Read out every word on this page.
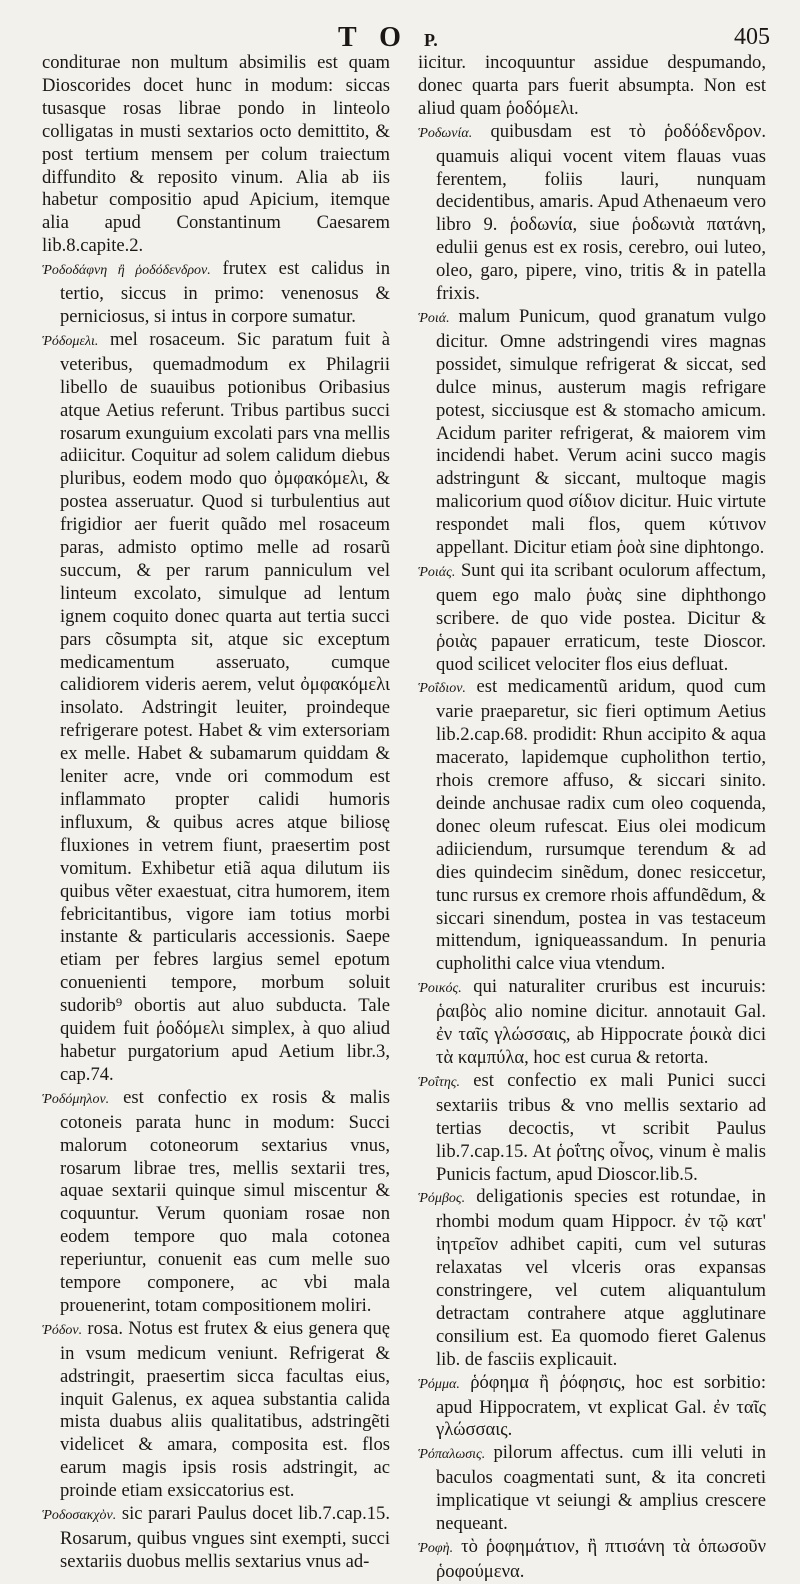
T O P.	405

conditurae non multum absimilis est quam Dioscorides docet hunc in modum: siccas tusasque rosas librae pondo in linteolo colligatas in musti sextarios octo demittito, & post tertium mensem per colum traiectum diffundito & reposito vinum. Alia ab iis habetur compositio apud Apicium, itemque alia apud Constantinum Caesarem lib.8.capite.2.

Ῥοδοδάφνη ἢ ῥοδόδενδρον. frutex est calidus in tertio, siccus in primo: venenosus & perniciosus, si intus in corpore sumatur.

Ῥόδομελι. mel rosaceum. Sic paratum fuit à veteribus, quemadmodum ex Philagrii libello de suauibus potionibus Oribasius atque Aetius referunt. Tribus partibus succi rosarum exunguium excolati pars vna mellis adiicitur. Coquitur ad solem calidum diebus pluribus, eodem modo quo ὀμφακόμελι, & postea asseruatur. Quod si turbulentius aut frigidior aer fuerit quãdo mel rosaceum paras, admisto optimo melle ad rosarũ succum, & per rarum panniculum vel linteum excolato, simulque ad lentum ignem coquito donec quarta aut tertia succi pars cõsumpta sit, atque sic exceptum medicamentum asseruato, cumque calidiorem videris aerem, velut ὀμφακόμελι insolato. Adstringit leuiter, proindeque refrigerare potest. Habet & vim extersoriam ex melle. Habet & subamarum quiddam & leniter acre, vnde ori commodum est inflammato propter calidi humoris influxum, & quibus acres atque biliosę fluxiones in vetrem fiunt, praesertim post vomitum. Exhibetur etiã aqua dilutum iis quibus vẽter exaestuat, citra humorem, item febricitantibus, vigore iam totius morbi instante & particularis accessionis. Saepe etiam per febres largius semel epotum conuenienti tempore, morbum soluit sudorib⁹ obortis aut aluo subducta. Tale quidem fuit ῥοδόμελι simplex, à quo aliud habetur purgatorium apud Aetium libr.3, cap.74.

Ῥοδόμηλον. est confectio ex rosis & malis cotoneis parata hunc in modum: Succi malorum cotoneorum sextarius vnus, rosarum librae tres, mellis sextarii tres, aquae sextarii quinque simul miscentur & coquuntur. Verum quoniam rosae non eodem tempore quo mala cotonea reperiuntur, conuenit eas cum melle suo tempore componere, ac vbi mala prouenerint, totam compositionem moliri.

Ῥόδον. rosa. Notus est frutex & eius genera quę in vsum medicum veniunt. Refrigerat & adstringit, praesertim sicca facultas eius, inquit Galenus, ex aquea substantia calida mista duabus aliis qualitatibus, adstringẽti videlicet & amara, composita est. flos earum magis ipsis rosis adstringit, ac proinde etiam exsiccatorius est.

Ῥοδοσακχὸν. sic parari Paulus docet lib.7.cap.15. Rosarum, quibus vngues sint exempti, succi sextariis duobus mellis sextarius vnus ad-

iicitur. incoquuntur assidue despumando, donec quarta pars fuerit absumpta. Non est aliud quam ῥοδόμελι.

Ῥοδωνία. quibusdam est τὸ ῥοδόδενδρον. quamuis aliqui vocent vitem flauas vuas ferentem, foliis lauri, nunquam decidentibus, amaris. Apud Athenaeum vero libro 9. ῥοδωνία, siue ῥοδωνιὰ πατάνη, edulii genus est ex rosis, cerebro, oui luteo, oleo, garo, pipere, vino, tritis & in patella frixis.

Ῥοιά. malum Punicum, quod granatum vulgo dicitur. Omne adstringendi vires magnas possidet, simulque refrigerat & siccat, sed dulce minus, austerum magis refrigare potest, sicciusque est & stomacho amicum. Acidum pariter refrigerat, & maiorem vim incidendi habet. Verum acini succo magis adstringunt & siccant, multoque magis malicorium quod σίδιον dicitur. Huic virtute respondet mali flos, quem κύτινον appellant. Dicitur etiam ῥοὰ sine diphtongo.

Ῥοιάς. Sunt qui ita scribant oculorum affectum, quem ego malo ῥυὰς sine diphthongo scribere. de quo vide postea. Dicitur & ῥοιὰς papauer erraticum, teste Dioscor. quod scilicet velociter flos eius defluat.

Ῥοΐδιον. est medicamentũ aridum, quod cum varie praeparetur, sic fieri optimum Aetius lib.2.cap.68. prodidit: Rhun accipito & aqua macerato, lapidemque cupholithon tertio, rhois cremore affuso, & siccari sinito. deinde anchusae radix cum oleo coquenda, donec oleum rufescat. Eius olei modicum adiiciendum, rursumque terendum & ad dies quindecim sinẽdum, donec resiccetur, tunc rursus ex cremore rhois affundẽdum, & siccari sinendum, postea in vas testaceum mittendum, igniqueassandum. In penuria cupholithi calce viua vtendum.

Ῥοικός. qui naturaliter cruribus est incuruis: ῥαιβὸς alio nomine dicitur. annotauit Gal. ἐν ταῖς γλώσσαις, ab Hippocrate ῥοικὰ dici τὰ καμπύλα, hoc est curua & retorta.

Ῥοΐτης. est confectio ex mali Punici succi sextariis tribus & vno mellis sextario ad tertias decoctis, vt scribit Paulus lib.7.cap.15. At ῥοΐτης οἶνος, vinum è malis Punicis factum, apud Dioscor.lib.5.

Ῥόμβος. deligationis species est rotundae, in rhombi modum quam Hippocr. ἐν τῷ κατ' ἰητρεῖον adhibet capiti, cum vel suturas relaxatas vel vlceris oras expansas constringere, vel cutem aliquantulum detractam contrahere atque agglutinare consilium est. Ea quomodo fieret Galenus lib. de fasciis explicauit.

Ῥόμμα. ῥόφημα ἢ ῥόφησις, hoc est sorbitio: apud Hippocratem, vt explicat Gal. ἐν ταῖς γλώσσαις.

Ῥόπαλωσις. pilorum affectus. cum illi veluti in baculos coagmentati sunt, & ita concreti implicatique vt seiungi & amplius crescere nequeant.

Ῥοφὴ. τὸ ῥοφημάτιον, ἢ πτισάνη τὰ ὁπωσοῦν ῥοφούμενα.
